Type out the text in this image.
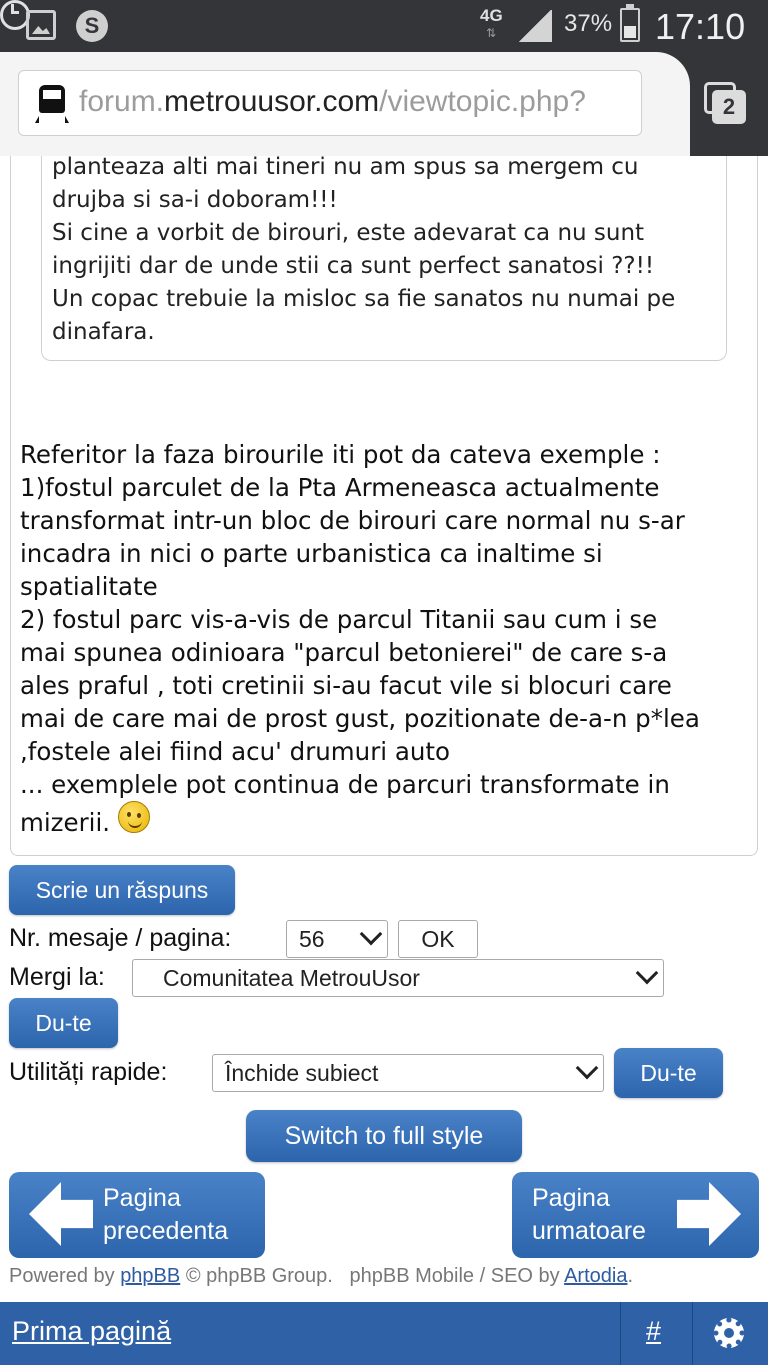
S	4G
⇅	37% 17:10
forum.metrouusor.com/viewtopic.php?	2

planteaza alti mai tineri nu am spus sa mergem cu
drujba si sa-i doboram!!!
Si cine a vorbit de birouri, este adevarat ca nu sunt
ingrijiti dar de unde stii ca sunt perfect sanatosi ??!!
Un copac trebuie la misloc sa fie sanatos nu numai pe
dinafara.

Referitor la faza birourile iti pot da cateva exemple :
1)fostul parculet de la Pta Armeneasca actualmente
transformat intr-un bloc de birouri care normal nu s-ar
incadra in nici o parte urbanistica ca inaltime si
spatialitate
2) fostul parc vis-a-vis de parcul Titanii sau cum i se
mai spunea odinioara "parcul betonierei" de care s-a
ales praful , toti cretinii si-au facut vile si blocuri care
mai de care mai de prost gust, pozitionate de-a-n p*lea
,fostele alei fiind acu' drumuri auto
... exemplele pot continua de parcuri transformate in
mizerii.
Scrie un răspuns
Nr. mesaje / pagina:	56	OK
Mergi la:	Comunitatea MetrouUsor
Du-te
Utilități rapide:	Închide subiect	Du-te
Switch to full style
Pagina
precedenta
Pagina
urmatoare
Powered by phpBB © phpBB Group. phpBB Mobile / SEO by Artodia.
Prima pagină	#
